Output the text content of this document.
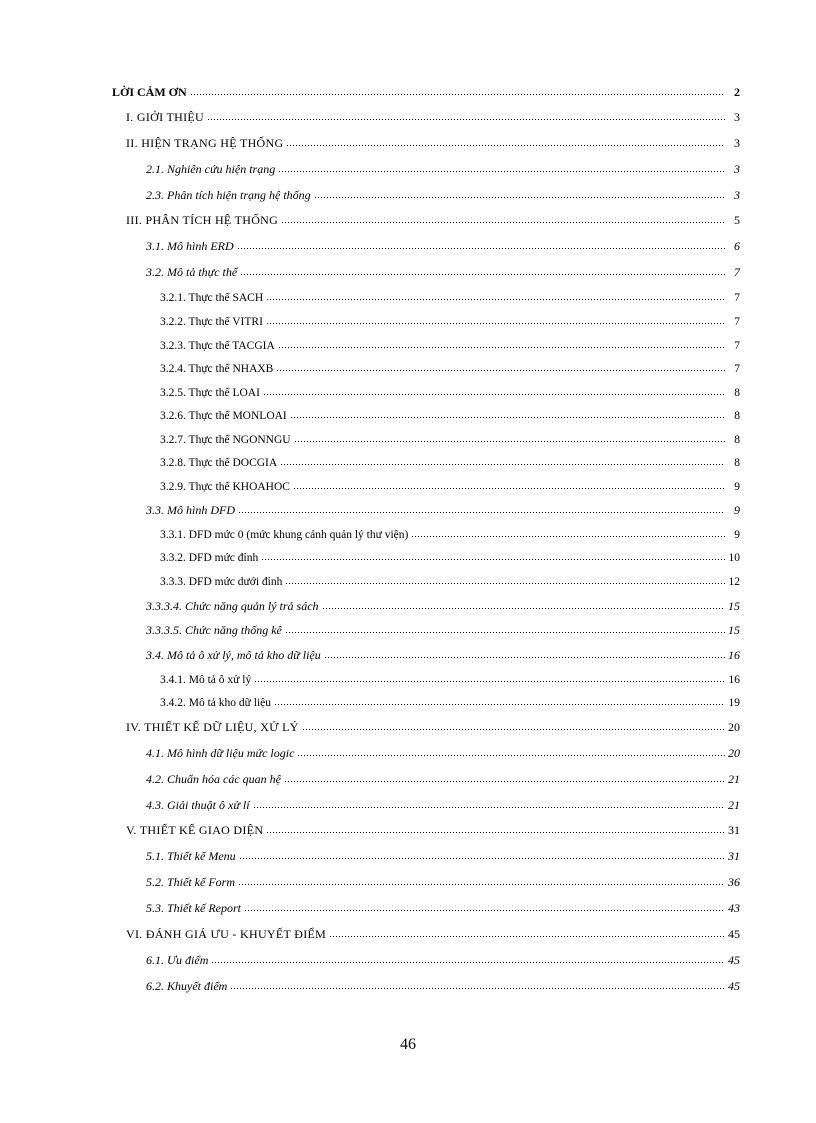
LỜI CẢM ƠN	2
I. GIỚI THIỆU	3
II. HIỆN TRẠNG HỆ THỐNG	3
2.1. Nghiên cứu hiện trạng	3
2.3. Phân tích hiện trạng hệ thống	3
III. PHÂN TÍCH HỆ THỐNG	5
3.1. Mô hình ERD	6
3.2. Mô tả thực thể	7
3.2.1. Thực thể SACH	7
3.2.2. Thực thể VITRI	7
3.2.3. Thực thể TACGIA	7
3.2.4. Thực thể NHAXB	7
3.2.5. Thực thể LOAI	8
3.2.6. Thực thể MONLOAI	8
3.2.7. Thực thể NGONNGU	8
3.2.8. Thực thể DOCGIA	8
3.2.9. Thực thể KHOAHOC	9
3.3. Mô hình DFD	9
3.3.1. DFD mức 0 (mức khung cảnh quản lý thư viện)	9
3.3.2. DFD mức đỉnh	10
3.3.3. DFD mức dưới đỉnh	12
3.3.3.4. Chức năng quản lý trả sách	15
3.3.3.5. Chức năng thống kê	15
3.4. Mô tả ô xử lý, mô tả kho dữ liệu	16
3.4.1. Mô tả ô xử lý	16
3.4.2. Mô tả kho dữ liệu	19
IV. THIẾT KẾ DỮ LIỆU, XỬ LÝ	20
4.1. Mô hình dữ liệu mức logic	20
4.2. Chuẩn hóa các quan hệ	21
4.3. Giải thuật ô xử lí	21
V. THIẾT KẾ GIAO DIỆN	31
5.1. Thiết kế Menu	31
5.2. Thiết kế Form	36
5.3. Thiết kế Report	43
VI. ĐÁNH GIÁ ƯU - KHUYẾT ĐIỂM	45
6.1. Ưu điểm	45
6.2. Khuyết điểm	45
46
